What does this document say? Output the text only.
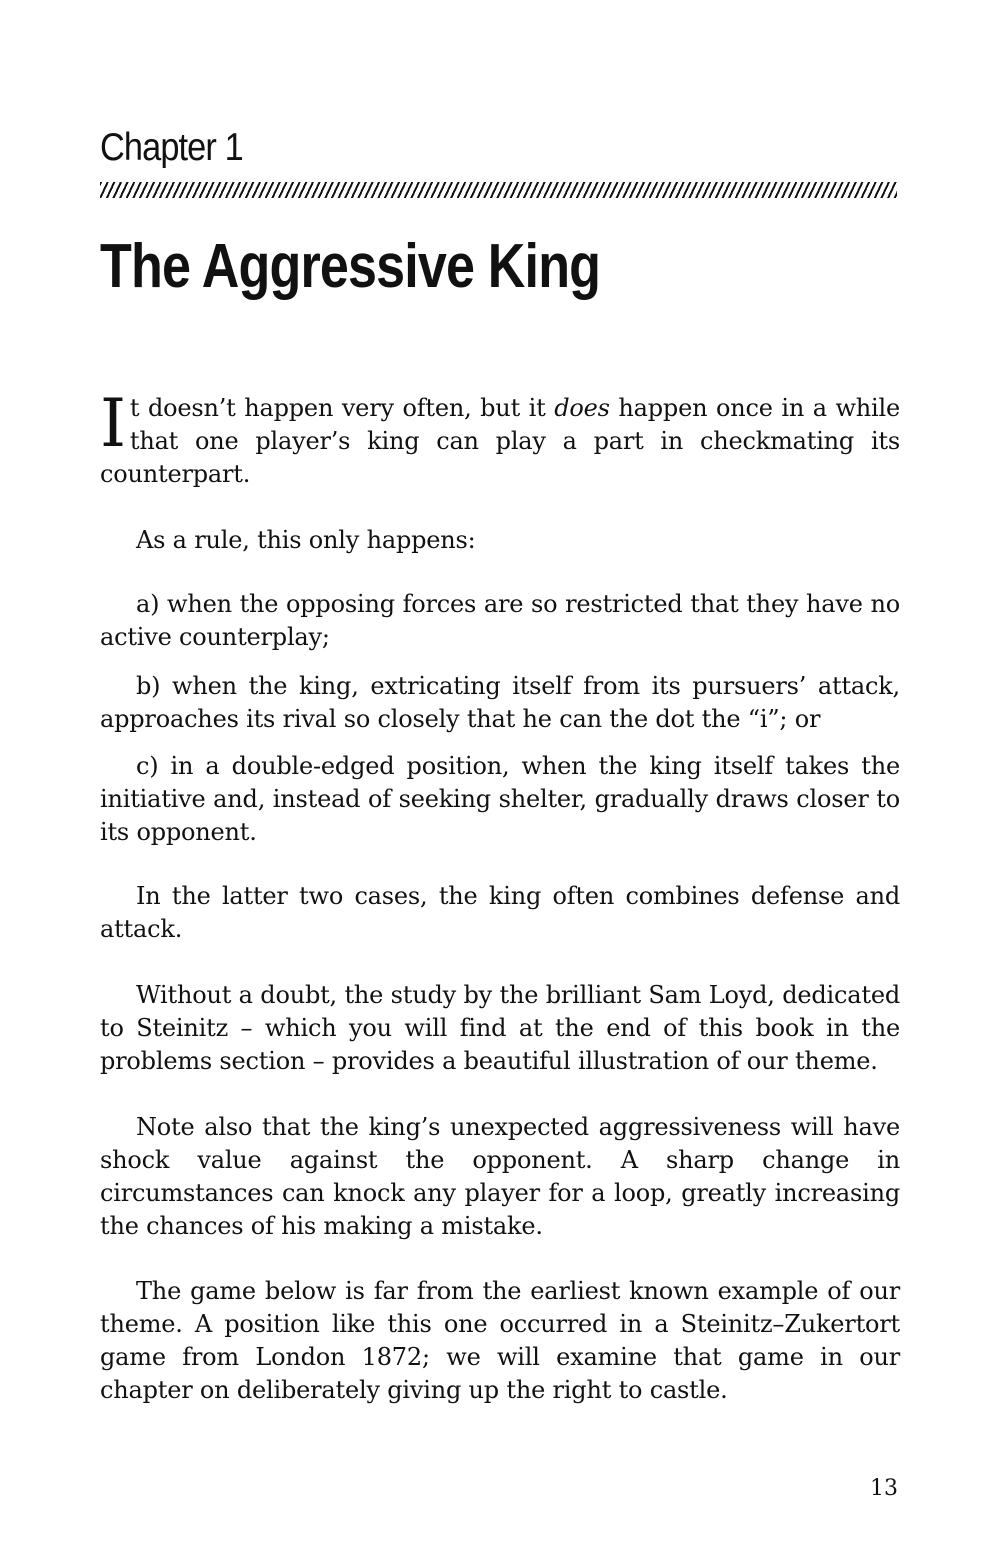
Chapter 1
The Aggressive King

It doesn’t happen very often, but it does happen once in a while that one player’s king can play a part in checkmating its counterpart.

As a rule, this only happens:

a) when the opposing forces are so restricted that they have no active counterplay;

b) when the king, extricating itself from its pursuers’ attack, approaches its rival so closely that he can the dot the “i”; or

c) in a double-edged position, when the king itself takes the initiative and, instead of seeking shelter, gradually draws closer to its opponent.

In the latter two cases, the king often combines defense and attack.

Without a doubt, the study by the brilliant Sam Loyd, dedicated to Steinitz – which you will find at the end of this book in the problems section – provides a beautiful illustration of our theme.

Note also that the king’s unexpected aggressiveness will have shock value against the opponent. A sharp change in circumstances can knock any player for a loop, greatly increasing the chances of his making a mistake.

The game below is far from the earliest known example of our theme. A position like this one occurred in a Steinitz–Zukertort game from London 1872; we will examine that game in our chapter on deliberately giving up the right to castle.

13
